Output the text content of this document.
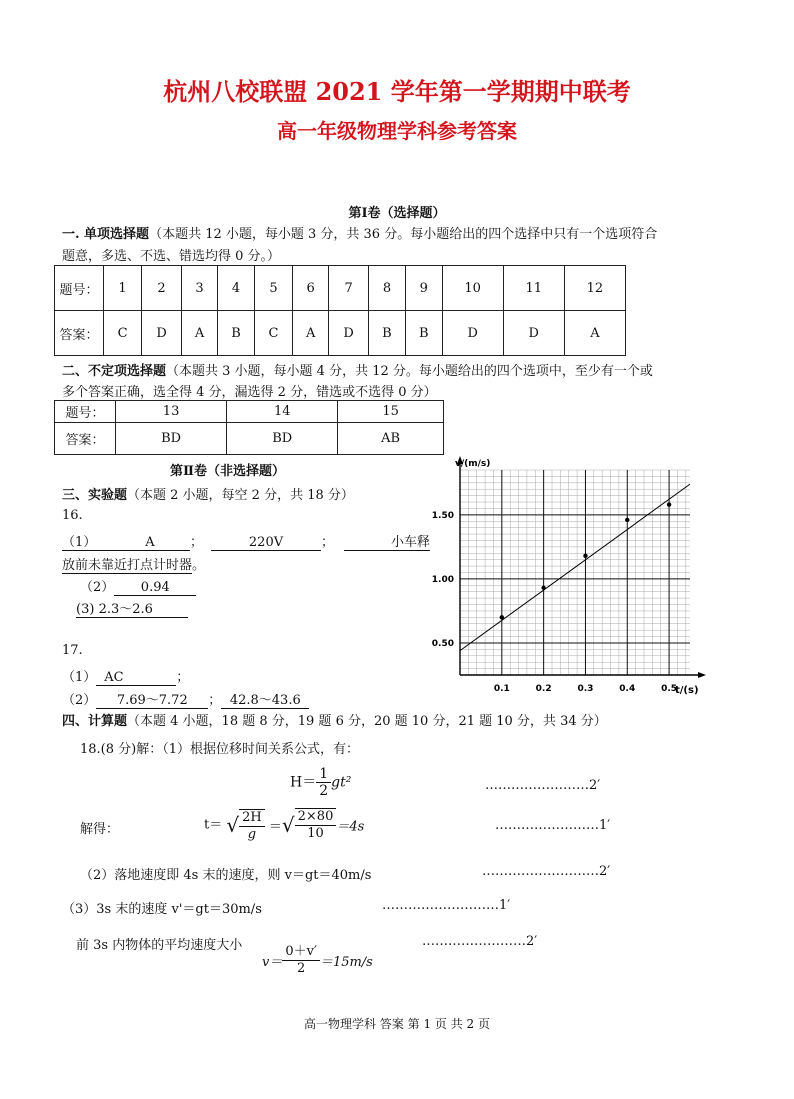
杭州八校联盟 2021 学年第一学期期中联考
高一年级物理学科参考答案
第Ⅰ卷（选择题）
一. 单项选择题（本题共 12 小题，每小题 3 分，共 36 分。每小题给出的四个选择中只有一个选项符合
题意，多选、不选、错选均得 0 分。）
题号：	1	2	3	4	5	6	7	8	9	10	11	12
答案：	C	D	A	B	C	A	D	B	B	D	D	A
二、不定项选择题（本题共 3 小题，每小题 4 分，共 12 分。每小题给出的四个选项中，至少有一个或
多个答案正确，选全得 4 分，漏选得 2 分，错选或不选得 0 分）
题号：	13	14	15
答案：	BD	BD	AB
第Ⅱ卷（非选择题）
三、实验题（本题 2 小题，每空 2 分，共 18 分）
16.
（1）	A	；	220V	；	小车释
放前未靠近打点计时器。
（2） 0.94
(3) 2.3～2.6
17.
（1） AC	；
（2） 7.69～7.72 ； 42.8～43.6
0.1	0.2	0.3	0.4	0.5
0.50
1.00
1.50
v/(m/s)
t/(s)
四、计算题（本题 4 小题，18 题 8 分，19 题 6 分，20 题 10 分，21 题 10 分，共 34 分）
18.(8 分)解：（1）根据位移时间关系公式，有：
$H= \frac{1}{2} gt^2$	……………………2′
解得：	t＝ √ $\frac{2H}{g}$ ＝√ $\frac{2\times 80}{10} =4s$	……………………1′
（2）落地速度即 4s 末的速度，则 v＝gt＝40m/s	………………………2′
（3）3s 末的速度 v'＝gt＝30m/s	………………………1′
前 3s 内物体的平均速度大小	……………………2′
$v= \frac{0+v'}{2} =15m/s$
高一物理学科 答案 第 1 页 共 2 页
